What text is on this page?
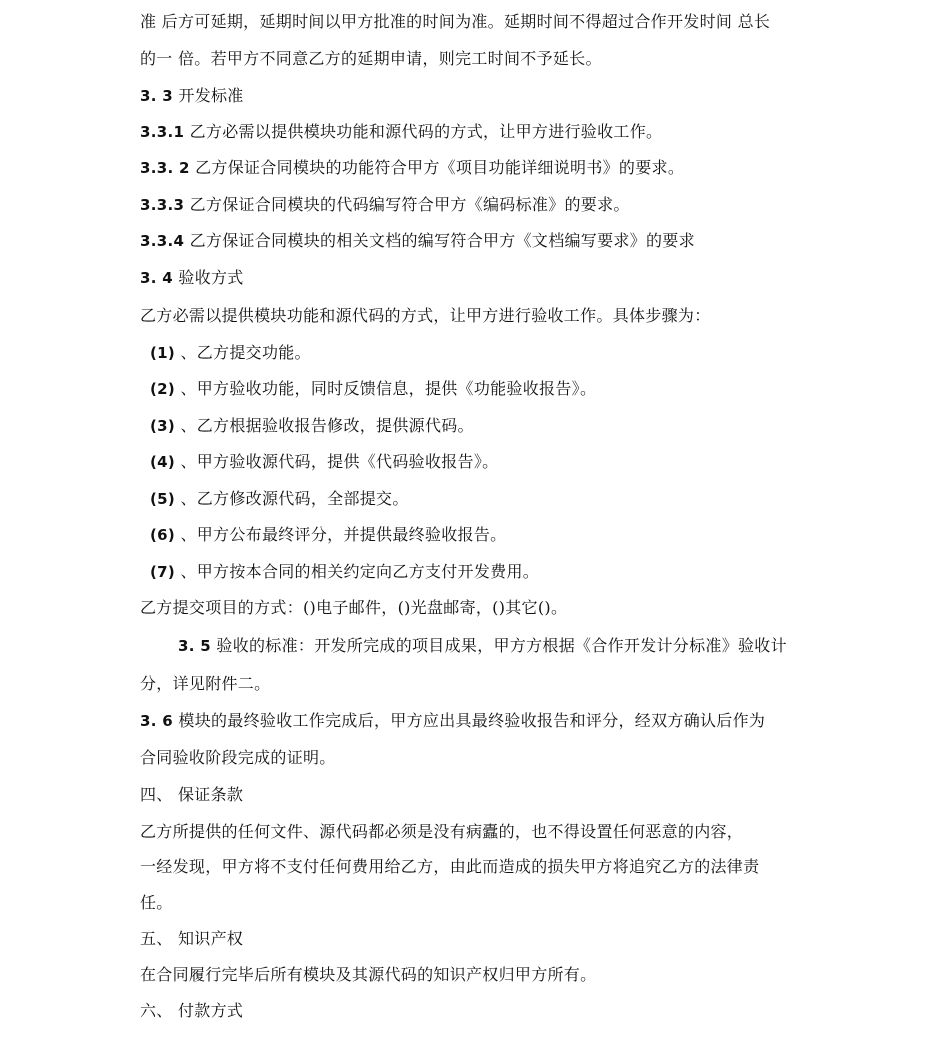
准 后方可延期，延期时间以甲方批准的时间为准。延期时间不得超过合作开发时间 总长
的一 倍。若甲方不同意乙方的延期申请，则完工时间不予延长。
3. 3 开发标准
3.3.1 乙方必需以提供模块功能和源代码的方式，让甲方进行验收工作。
3.3. 2 乙方保证合同模块的功能符合甲方《项目功能详细说明书》的要求。
3.3.3 乙方保证合同模块的代码编写符合甲方《编码标准》的要求。
3.3.4 乙方保证合同模块的相关文档的编写符合甲方《文档编写要求》的要求
3. 4 验收方式
乙方必需以提供模块功能和源代码的方式，让甲方进行验收工作。具体步骤为：
(1) 、乙方提交功能。
(2) 、甲方验收功能，同时反馈信息，提供《功能验收报告》。
(3) 、乙方根据验收报告修改，提供源代码。
(4) 、甲方验收源代码，提供《代码验收报告》。
(5) 、乙方修改源代码，全部提交。
(6) 、甲方公布最终评分，并提供最终验收报告。
(7) 、甲方按本合同的相关约定向乙方支付开发费用。
乙方提交项目的方式：()电子邮件，()光盘邮寄，()其它()。
3. 5 验收的标准：开发所完成的项目成果，甲方方根据《合作开发计分标准》验收计
分，详见附件二。
3. 6 模块的最终验收工作完成后，甲方应出具最终验收报告和评分，经双方确认后作为
合同验收阶段完成的证明。
四、 保证条款
乙方所提供的任何文件、源代码都必须是没有病蠹的，也不得设置任何恶意的内容，
一经发现，甲方将不支付任何费用给乙方，由此而造成的损失甲方将追究乙方的法律责
任。
五、 知识产权
在合同履行完毕后所有模块及其源代码的知识产权归甲方所有。
六、 付款方式
